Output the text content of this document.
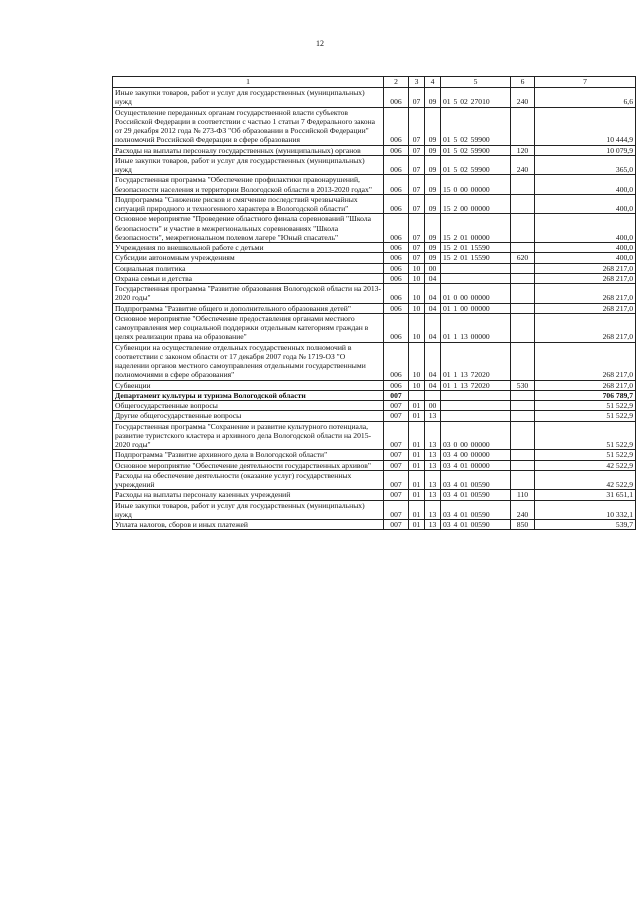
12
1	2	3	4	5	6	7
Иные закупки товаров, работ и услуг для государственных (муниципальных) нужд	006	07	09	01 5 02 27010	240	6,6
Осуществление переданных органам государственной власти субъектов Российской Федерации в соответствии с частью 1 статьи 7 Федерального закона от 29 декабря 2012 года № 273-ФЗ "Об образовании в Российской Федерации" полномочий Российской Федерации в сфере образования	006	07	09	01 5 02 59900		10 444,9
Расходы на выплаты персоналу государственных (муниципальных) органов	006	07	09	01 5 02 59900	120	10 079,9
Иные закупки товаров, работ и услуг для государственных (муниципальных) нужд	006	07	09	01 5 02 59900	240	365,0
Государственная программа "Обеспечение профилактики правонарушений, безопасности населения и территории Вологодской области в 2013-2020 годах"	006	07	09	15 0 00 00000		400,0
Подпрограмма "Снижение рисков и смягчение последствий чрезвычайных ситуаций природного и техногенного характера в Вологодской области"	006	07	09	15 2 00 00000		400,0
Основное мероприятие "Проведение областного финала соревнований "Школа безопасности" и участие в межрегиональных соревнованиях "Школа безопасности", межрегиональном полевом лагере "Юный спасатель"	006	07	09	15 2 01 00000		400,0
Учреждения по внешкольной работе с детьми	006	07	09	15 2 01 15590		400,0
Субсидии автономным учреждениям	006	07	09	15 2 01 15590	620	400,0
Социальная политика	006	10	00			268 217,0
Охрана семьи и детства	006	10	04			268 217,0
Государственная программа "Развитие образования Вологодской области на 2013-2020 годы"	006	10	04	01 0 00 00000		268 217,0
Подпрограмма "Развитие общего и дополнительного образования детей"	006	10	04	01 1 00 00000		268 217,0
Основное мероприятие "Обеспечение предоставления органами местного самоуправления мер социальной поддержки отдельным категориям граждан в целях реализации права на образование"	006	10	04	01 1 13 00000		268 217,0
Субвенции на осуществление отдельных государственных полномочий в соответствии с законом области от 17 декабря 2007 года № 1719-ОЗ "О наделении органов местного самоуправления отдельными государственными полномочиями в сфере образования"	006	10	04	01 1 13 72020		268 217,0
Субвенции	006	10	04	01 1 13 72020	530	268 217,0
Департамент культуры и туризма Вологодской области	007					706 789,7
Общегосударственные вопросы	007	01	00			51 522,9
Другие общегосударственные вопросы	007	01	13			51 522,9
Государственная программа "Сохранение и развитие культурного потенциала, развитие туристского кластера и архивного дела Вологодской области на 2015-2020 годы"	007	01	13	03 0 00 00000		51 522,9
Подпрограмма "Развитие архивного дела в Вологодской области"	007	01	13	03 4 00 00000		51 522,9
Основное мероприятие "Обеспечение деятельности государственных архивов"	007	01	13	03 4 01 00000		42 522,9
Расходы на обеспечение деятельности (оказание услуг) государственных учреждений	007	01	13	03 4 01 00590		42 522,9
Расходы на выплаты персоналу казенных учреждений	007	01	13	03 4 01 00590	110	31 651,1
Иные закупки товаров, работ и услуг для государственных (муниципальных) нужд	007	01	13	03 4 01 00590	240	10 332,1
Уплата налогов, сборов и иных платежей	007	01	13	03 4 01 00590	850	539,7
